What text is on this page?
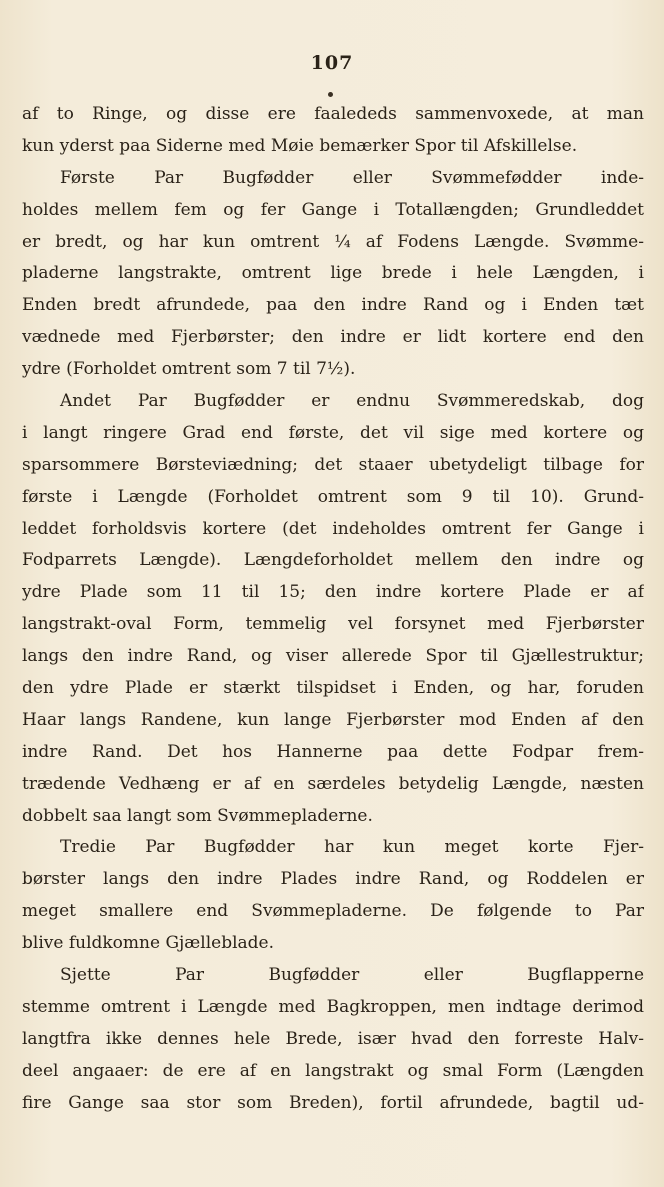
107
af to Ringe, og disse ere faalededs sammenvoxede, at man
kun yderst paa Siderne med Møie bemærker Spor til Afskillelse.
Første Par Bugfødder eller Svømmefødder inde-
holdes mellem fem og fer Gange i Totallængden; Grundleddet
er bredt, og har kun omtrent ¼ af Fodens Længde. Svømme-
pladerne langstrakte, omtrent lige brede i hele Længden, i
Enden bredt afrundede, paa den indre Rand og i Enden tæt
vædnede med Fjerbørster; den indre er lidt kortere end den
ydre (Forholdet omtrent som 7 til 7½).
Andet Par Bugfødder er endnu Svømmeredskab, dog
i langt ringere Grad end første, det vil sige med kortere og
sparsommere Børsteviædning; det staaer ubetydeligt tilbage for
første i Længde (Forholdet omtrent som 9 til 10). Grund-
leddet forholdsvis kortere (det indeholdes omtrent fer Gange i
Fodparrets Længde). Længdeforholdet mellem den indre og
ydre Plade som 11 til 15; den indre kortere Plade er af
langstrakt-oval Form, temmelig vel forsynet med Fjerbørster
langs den indre Rand, og viser allerede Spor til Gjællestruktur;
den ydre Plade er stærkt tilspidset i Enden, og har, foruden
Haar langs Randene, kun lange Fjerbørster mod Enden af den
indre Rand. Det hos Hannerne paa dette Fodpar frem-
trædende Vedhæng er af en særdeles betydelig Længde, næsten
dobbelt saa langt som Svømmepladerne.
Tredie Par Bugfødder har kun meget korte Fjer-
børster langs den indre Plades indre Rand, og Roddelen er
meget smallere end Svømmepladerne. De følgende to Par
blive fuldkomne Gjælleblade.
Sjette Par Bugfødder eller Bugflapperne
stemme omtrent i Længde med Bagkroppen, men indtage derimod
langtfra ikke dennes hele Brede, især hvad den forreste Halv-
deel angaaer: de ere af en langstrakt og smal Form (Længden
fire Gange saa stor som Breden), fortil afrundede, bagtil ud-
